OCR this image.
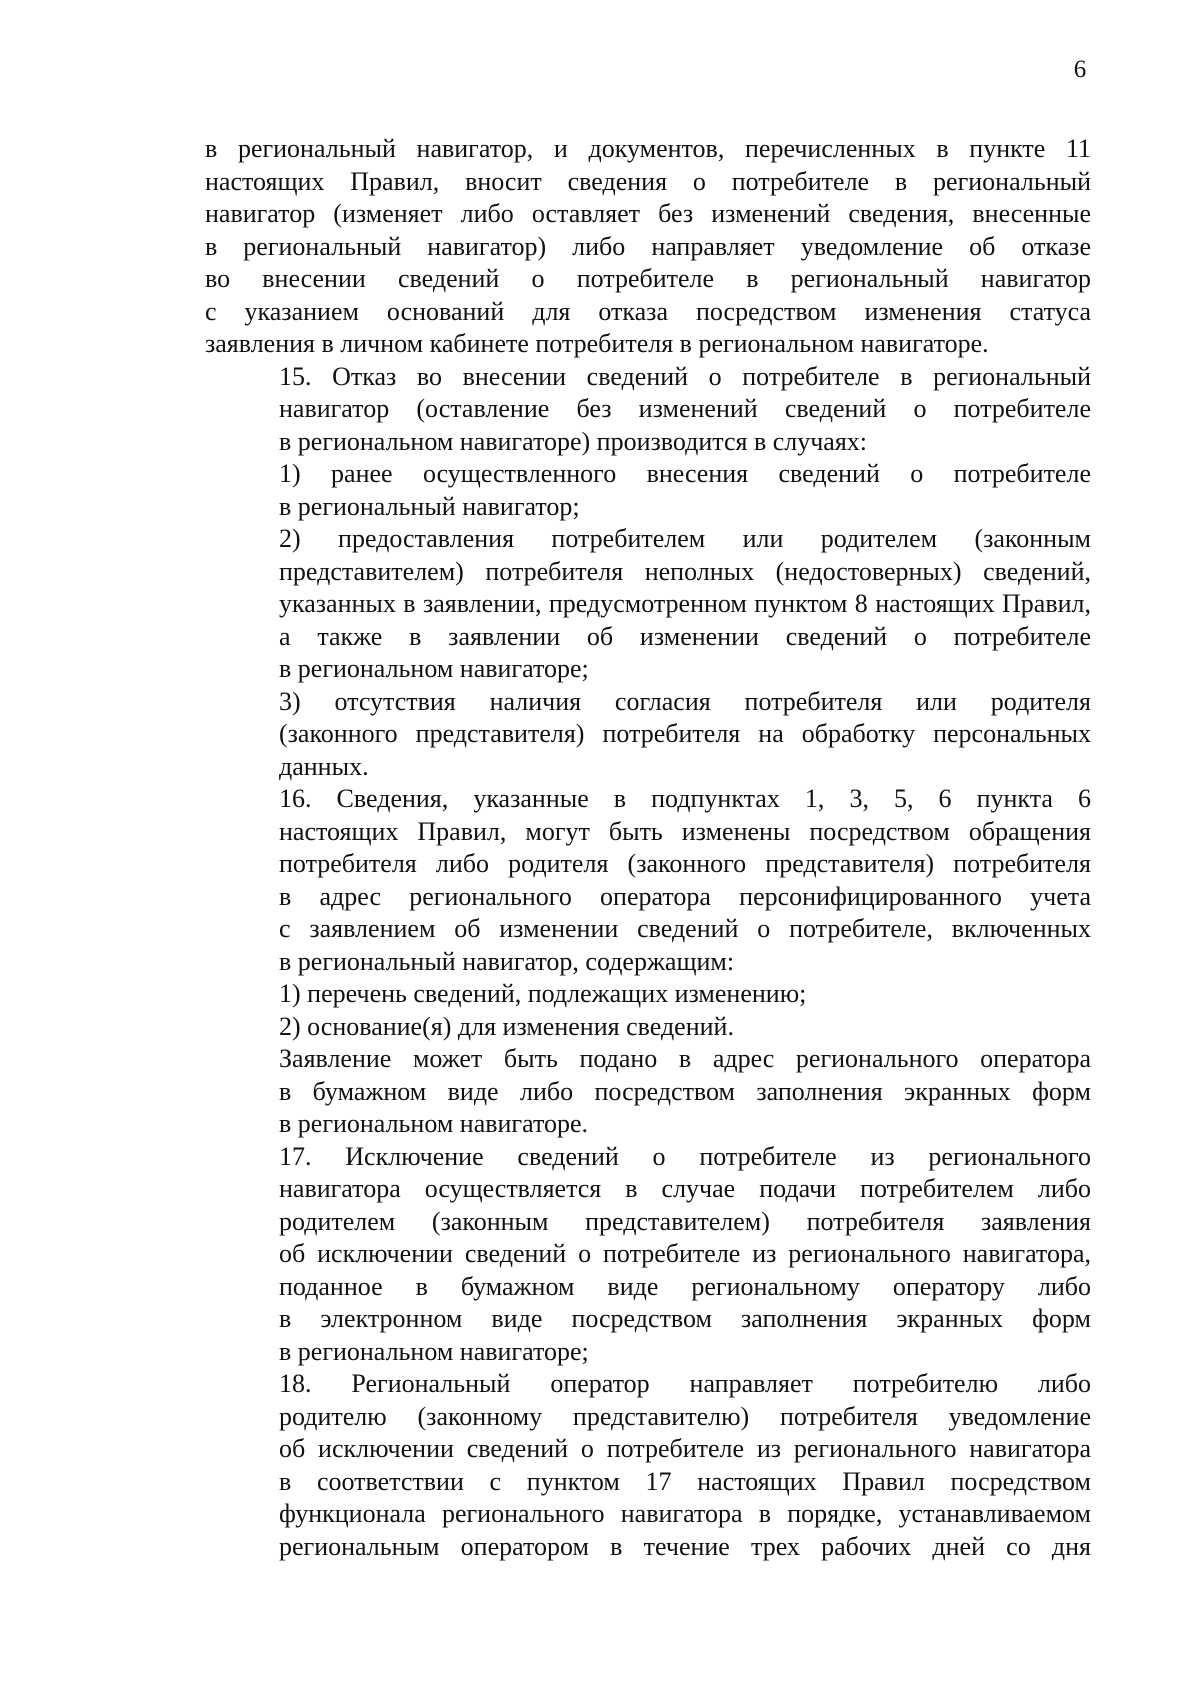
6

в региональный навигатор, и документов, перечисленных в пункте 11
настоящих Правил, вносит сведения о потребителе в региональный
навигатор (изменяет либо оставляет без изменений сведения, внесенные
в региональный навигатор) либо направляет уведомление об отказе
во внесении сведений о потребителе в региональный навигатор
с указанием оснований для отказа посредством изменения статуса
заявления в личном кабинете потребителя в региональном навигаторе.

15. Отказ во внесении сведений о потребителе в региональный
навигатор (оставление без изменений сведений о потребителе
в региональном навигаторе) производится в случаях:

1) ранее осуществленного внесения сведений о потребителе
в региональный навигатор;

2) предоставления потребителем или родителем (законным
представителем) потребителя неполных (недостоверных) сведений,
указанных в заявлении, предусмотренном пунктом 8 настоящих Правил,
а также в заявлении об изменении сведений о потребителе
в региональном навигаторе;

3) отсутствия наличия согласия потребителя или родителя
(законного представителя) потребителя на обработку персональных
данных.

16. Сведения, указанные в подпунктах 1, 3, 5, 6 пункта 6
настоящих Правил, могут быть изменены посредством обращения
потребителя либо родителя (законного представителя) потребителя
в адрес регионального оператора персонифицированного учета
с заявлением об изменении сведений о потребителе, включенных
в региональный навигатор, содержащим:

1) перечень сведений, подлежащих изменению;

2) основание(я) для изменения сведений.

Заявление может быть подано в адрес регионального оператора
в бумажном виде либо посредством заполнения экранных форм
в региональном навигаторе.

17. Исключение сведений о потребителе из регионального
навигатора осуществляется в случае подачи потребителем либо
родителем (законным представителем) потребителя заявления
об исключении сведений о потребителе из регионального навигатора,
поданное в бумажном виде региональному оператору либо
в электронном виде посредством заполнения экранных форм
в региональном навигаторе;

18. Региональный оператор направляет потребителю либо
родителю (законному представителю) потребителя уведомление
об исключении сведений о потребителе из регионального навигатора
в соответствии с пунктом 17 настоящих Правил посредством
функционала регионального навигатора в порядке, устанавливаемом
региональным оператором в течение трех рабочих дней со дня
